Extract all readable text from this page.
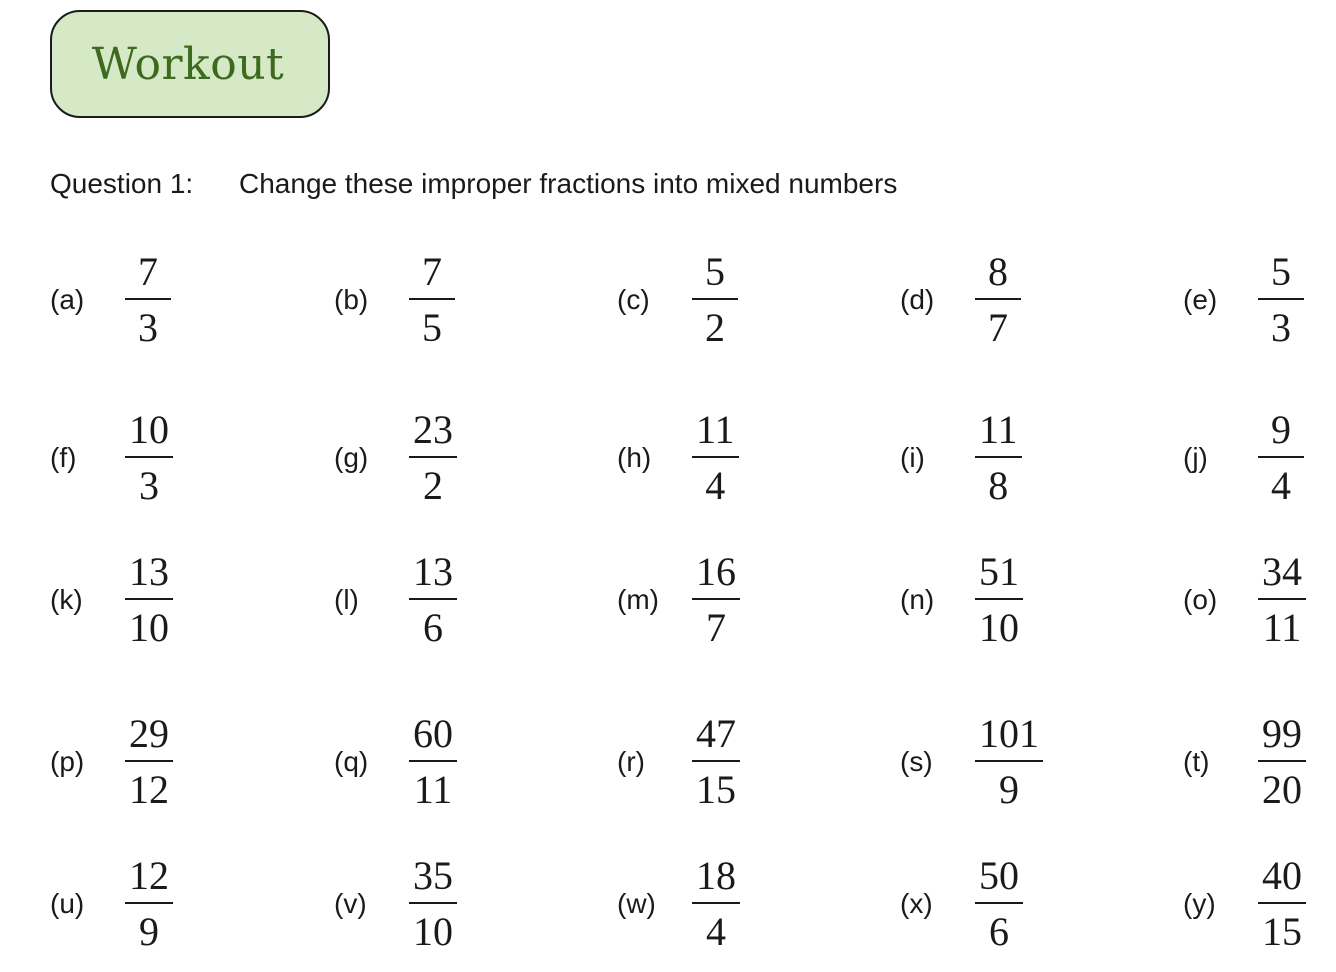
Workout
Question 1: Change these improper fractions into mixed numbers
(a)	$\frac{7}{3}$	(b)	$\frac{7}{5}$	(c)	$\frac{5}{2}$	(d)	$\frac{8}{7}$	(e)	$\frac{5}{3}$
(f)	$\frac{10}{3}$	(g)	$\frac{23}{2}$	(h)	$\frac{11}{4}$	(i)	$\frac{11}{8}$	(j)	$\frac{9}{4}$
(k)	$\frac{13}{10}$	(l)	$\frac{13}{6}$	$(m) \frac{16}{7}$	(n)	$\frac{51}{10}$	(o)	$\frac{34}{11}$
(p)	$\frac{29}{12}$	(q)	$\frac{60}{11}$	(r)	$\frac{47}{15}$	(s)	$\frac{101}{9}$	(t)	$\frac{99}{20}$
(u)	$\frac{12}{9}$	(v)	$\frac{35}{10}$	$(w) \frac{18}{4}$	(x)	$\frac{50}{6}$	(y)	$\frac{40}{15}$
